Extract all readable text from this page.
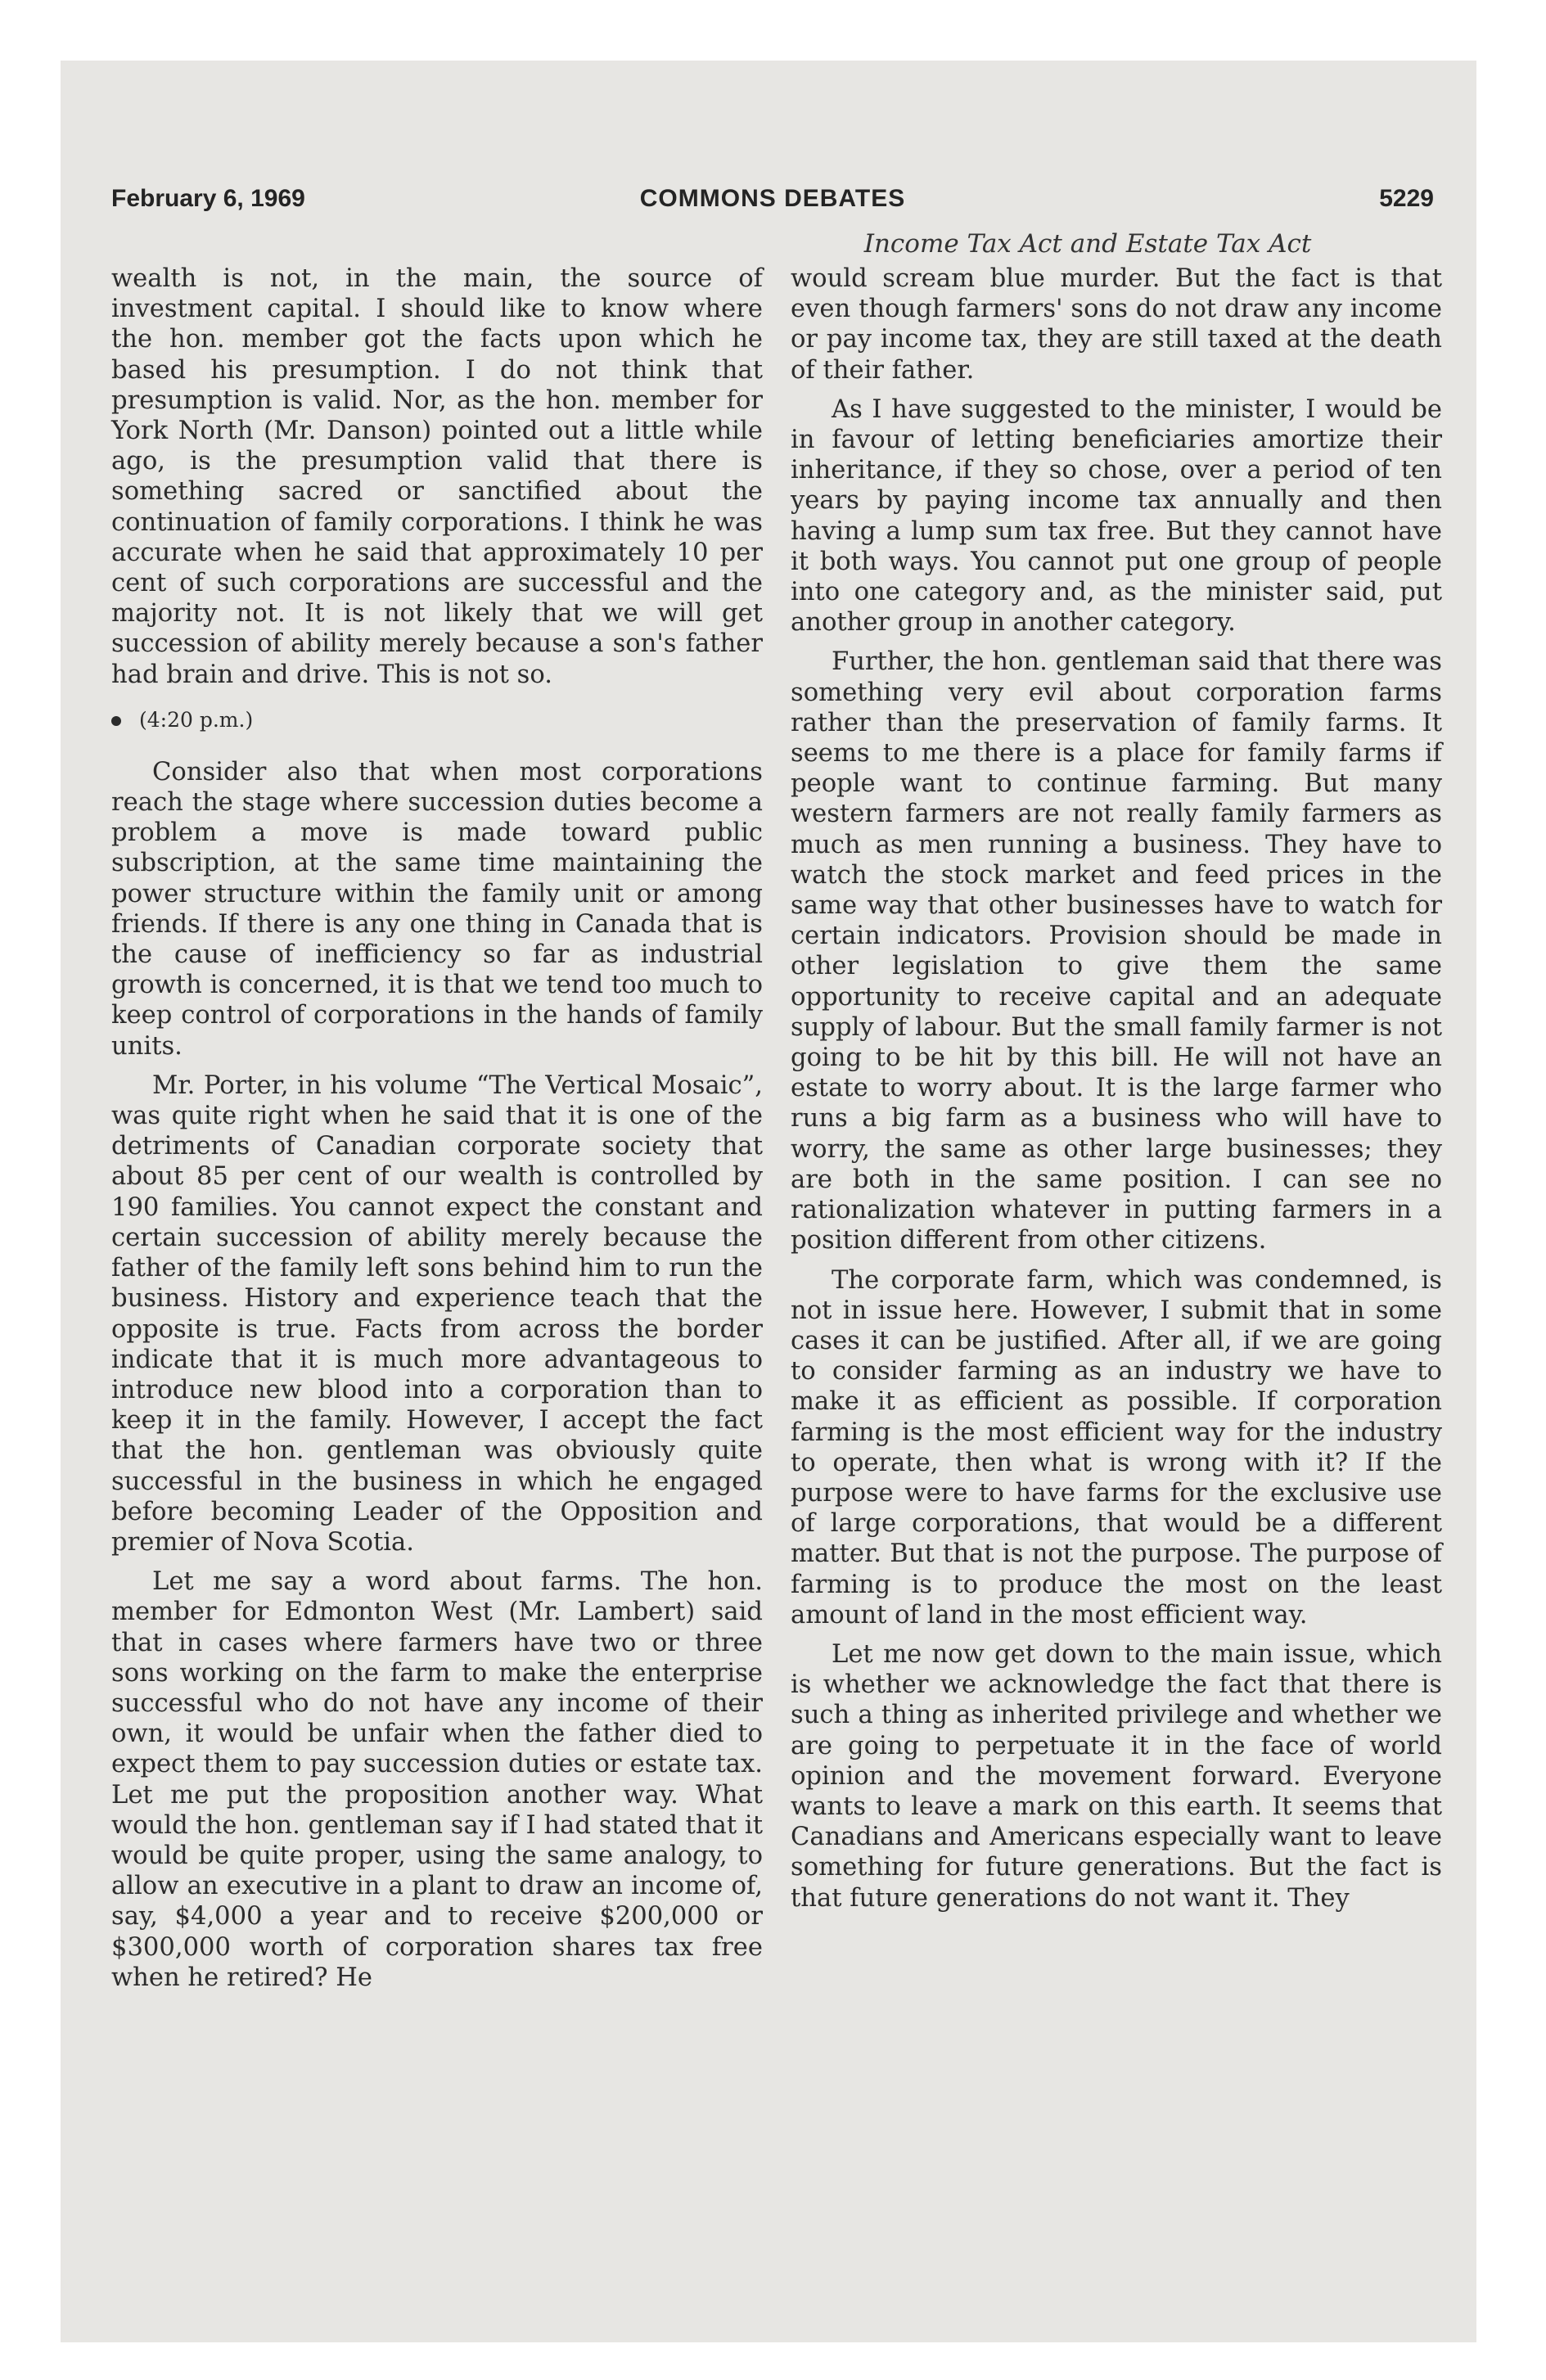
February 6, 1969	COMMONS DEBATES	5229
Income Tax Act and Estate Tax Act

wealth is not, in the main, the source of investment capital. I should like to know where the hon. member got the facts upon which he based his presumption. I do not think that presumption is valid. Nor, as the hon. member for York North (Mr. Danson) pointed out a little while ago, is the presumption valid that there is something sacred or sanctified about the continuation of family corporations. I think he was accurate when he said that approximately 10 per cent of such corporations are successful and the majority not. It is not likely that we will get succession of ability merely because a son's father had brain and drive. This is not so.

(4:20 p.m.)

Consider also that when most corporations reach the stage where succession duties become a problem a move is made toward public subscription, at the same time maintaining the power structure within the family unit or among friends. If there is any one thing in Canada that is the cause of inefficiency so far as industrial growth is concerned, it is that we tend too much to keep control of corporations in the hands of family units.

Mr. Porter, in his volume “The Vertical Mosaic”, was quite right when he said that it is one of the detriments of Canadian corporate society that about 85 per cent of our wealth is controlled by 190 families. You cannot expect the constant and certain succession of ability merely because the father of the family left sons behind him to run the business. History and experience teach that the opposite is true. Facts from across the border indicate that it is much more advantageous to introduce new blood into a corporation than to keep it in the family. However, I accept the fact that the hon. gentleman was obviously quite successful in the business in which he engaged before becoming Leader of the Opposition and premier of Nova Scotia.

Let me say a word about farms. The hon. member for Edmonton West (Mr. Lambert) said that in cases where farmers have two or three sons working on the farm to make the enterprise successful who do not have any income of their own, it would be unfair when the father died to expect them to pay succession duties or estate tax. Let me put the proposition another way. What would the hon. gentleman say if I had stated that it would be quite proper, using the same analogy, to allow an executive in a plant to draw an income of, say, $4,000 a year and to receive $200,000 or $300,000 worth of corporation shares tax free when he retired? He

would scream blue murder. But the fact is that even though farmers' sons do not draw any income or pay income tax, they are still taxed at the death of their father.

As I have suggested to the minister, I would be in favour of letting beneficiaries amortize their inheritance, if they so chose, over a period of ten years by paying income tax annually and then having a lump sum tax free. But they cannot have it both ways. You cannot put one group of people into one category and, as the minister said, put another group in another category.

Further, the hon. gentleman said that there was something very evil about corporation farms rather than the preservation of family farms. It seems to me there is a place for family farms if people want to continue farming. But many western farmers are not really family farmers as much as men running a business. They have to watch the stock market and feed prices in the same way that other businesses have to watch for certain indicators. Provision should be made in other legislation to give them the same opportunity to receive capital and an adequate supply of labour. But the small family farmer is not going to be hit by this bill. He will not have an estate to worry about. It is the large farmer who runs a big farm as a business who will have to worry, the same as other large businesses; they are both in the same position. I can see no rationalization whatever in putting farmers in a position different from other citizens.

The corporate farm, which was condemned, is not in issue here. However, I submit that in some cases it can be justified. After all, if we are going to consider farming as an industry we have to make it as efficient as possible. If corporation farming is the most efficient way for the industry to operate, then what is wrong with it? If the purpose were to have farms for the exclusive use of large corporations, that would be a different matter. But that is not the purpose. The purpose of farming is to produce the most on the least amount of land in the most efficient way.

Let me now get down to the main issue, which is whether we acknowledge the fact that there is such a thing as inherited privilege and whether we are going to perpetuate it in the face of world opinion and the movement forward. Everyone wants to leave a mark on this earth. It seems that Canadians and Americans especially want to leave something for future generations. But the fact is that future generations do not want it. They
